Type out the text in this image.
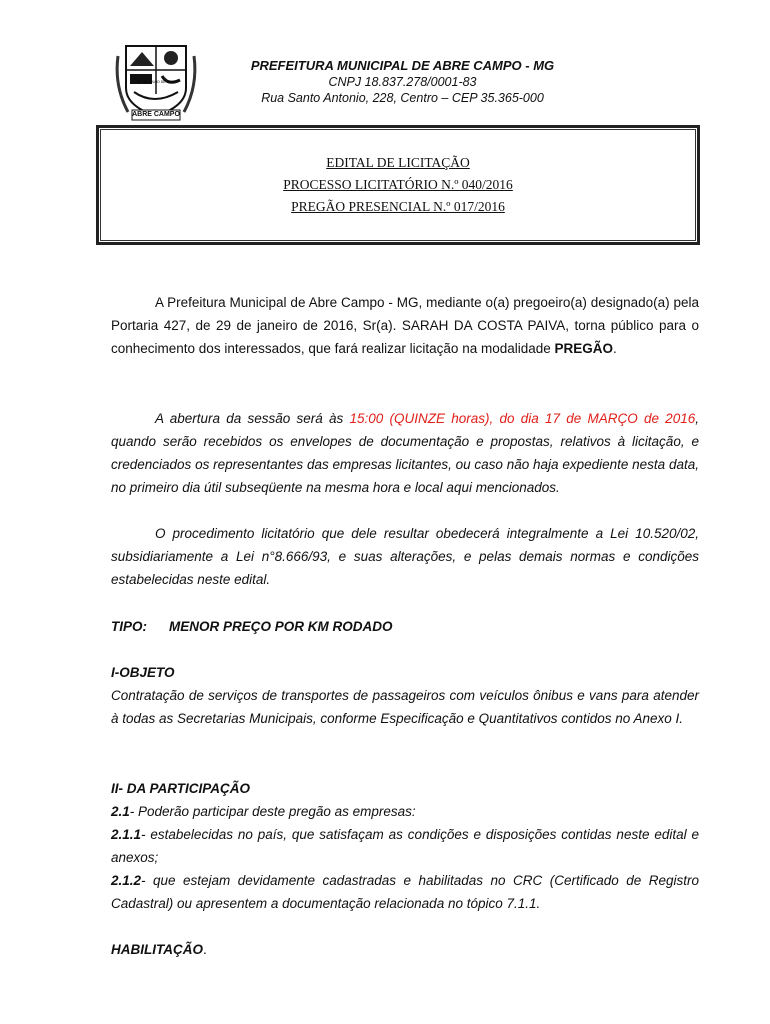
27 DE JULHO DE 1890
ABRE CAMPO
PREFEITURA MUNICIPAL DE ABRE CAMPO - MG
CNPJ 18.837.278/0001-83
Rua Santo Antonio, 228, Centro – CEP 35.365-000
EDITAL DE LICITAÇÃO
PROCESSO LICITATÓRIO N.º 040/2016
PREGÃO PRESENCIAL N.º 017/2016

A Prefeitura Municipal de Abre Campo - MG, mediante o(a) pregoeiro(a) designado(a) pela Portaria 427, de 29 de janeiro de 2016, Sr(a). SARAH DA COSTA PAIVA, torna público para o conhecimento dos interessados, que fará realizar licitação na modalidade PREGÃO.

A abertura da sessão será às 15:00 (QUINZE horas), do dia 17 de MARÇO de 2016, quando serão recebidos os envelopes de documentação e propostas, relativos à licitação, e credenciados os representantes das empresas licitantes, ou caso não haja expediente nesta data, no primeiro dia útil subseqüente na mesma hora e local aqui mencionados.

O procedimento licitatório que dele resultar obedecerá integralmente a Lei 10.520/02, subsidiariamente a Lei n°8.666/93, e suas alterações, e pelas demais normas e condições estabelecidas neste edital.

TIPO: MENOR PREÇO POR KM RODADO

I-OBJETO

Contratação de serviços de transportes de passageiros com veículos ônibus e vans para atender à todas as Secretarias Municipais, conforme Especificação e Quantitativos contidos no Anexo I.

II- DA PARTICIPAÇÃO

2.1- Poderão participar deste pregão as empresas:

2.1.1- estabelecidas no país, que satisfaçam as condições e disposições contidas neste edital e anexos;

2.1.2- que estejam devidamente cadastradas e habilitadas no CRC (Certificado de Registro Cadastral) ou apresentem a documentação relacionada no tópico 7.1.1.

HABILITAÇÃO.
